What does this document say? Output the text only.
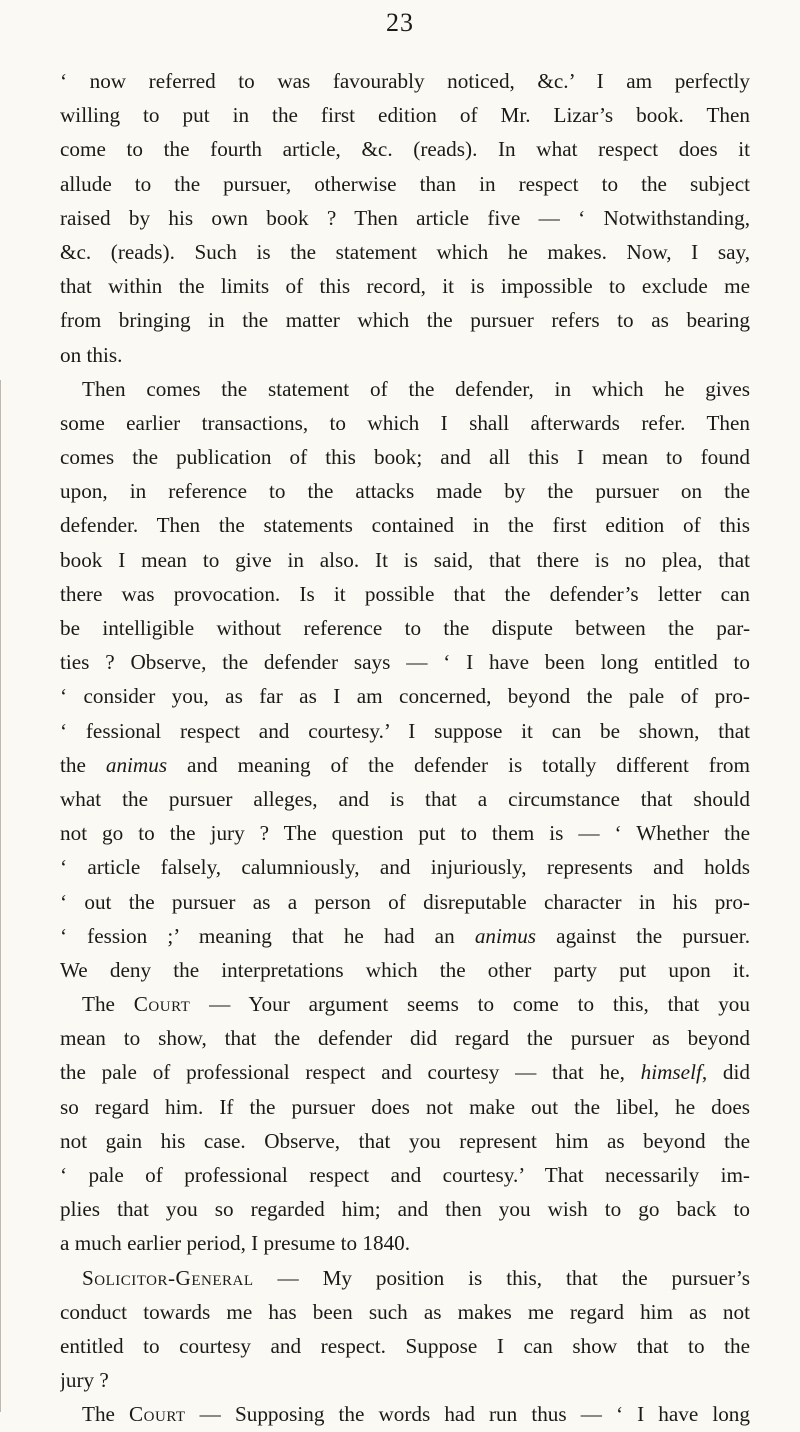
23
‘ now referred to was favourably noticed, &c.’ I am perfectly
willing to put in the first edition of Mr. Lizar’s book. Then
come to the fourth article, &c. (reads). In what respect does it
allude to the pursuer, otherwise than in respect to the subject
raised by his own book ? Then article five — ‘ Notwithstanding,
&c. (reads). Such is the statement which he makes. Now, I say,
that within the limits of this record, it is impossible to exclude me
from bringing in the matter which the pursuer refers to as bearing
on this.
Then comes the statement of the defender, in which he gives
some earlier transactions, to which I shall afterwards refer. Then
comes the publication of this book; and all this I mean to found
upon, in reference to the attacks made by the pursuer on the
defender. Then the statements contained in the first edition of this
book I mean to give in also. It is said, that there is no plea, that
there was provocation. Is it possible that the defender’s letter can
be intelligible without reference to the dispute between the par-
ties ? Observe, the defender says — ‘ I have been long entitled to
‘ consider you, as far as I am concerned, beyond the pale of pro-
‘ fessional respect and courtesy.’ I suppose it can be shown, that
the animus and meaning of the defender is totally different from
what the pursuer alleges, and is that a circumstance that should
not go to the jury ? The question put to them is — ‘ Whether the
‘ article falsely, calumniously, and injuriously, represents and holds
‘ out the pursuer as a person of disreputable character in his pro-
‘ fession ;’ meaning that he had an animus against the pursuer.
We deny the interpretations which the other party put upon it.
The Court — Your argument seems to come to this, that you
mean to show, that the defender did regard the pursuer as beyond
the pale of professional respect and courtesy — that he, himself, did
so regard him. If the pursuer does not make out the libel, he does
not gain his case. Observe, that you represent him as beyond the
‘ pale of professional respect and courtesy.’ That necessarily im-
plies that you so regarded him; and then you wish to go back to
a much earlier period, I presume to 1840.
Solicitor-General — My position is this, that the pursuer’s
conduct towards me has been such as makes me regard him as not
entitled to courtesy and respect. Suppose I can show that to the
jury ?
The Court — Supposing the words had run thus — ‘ I have long
